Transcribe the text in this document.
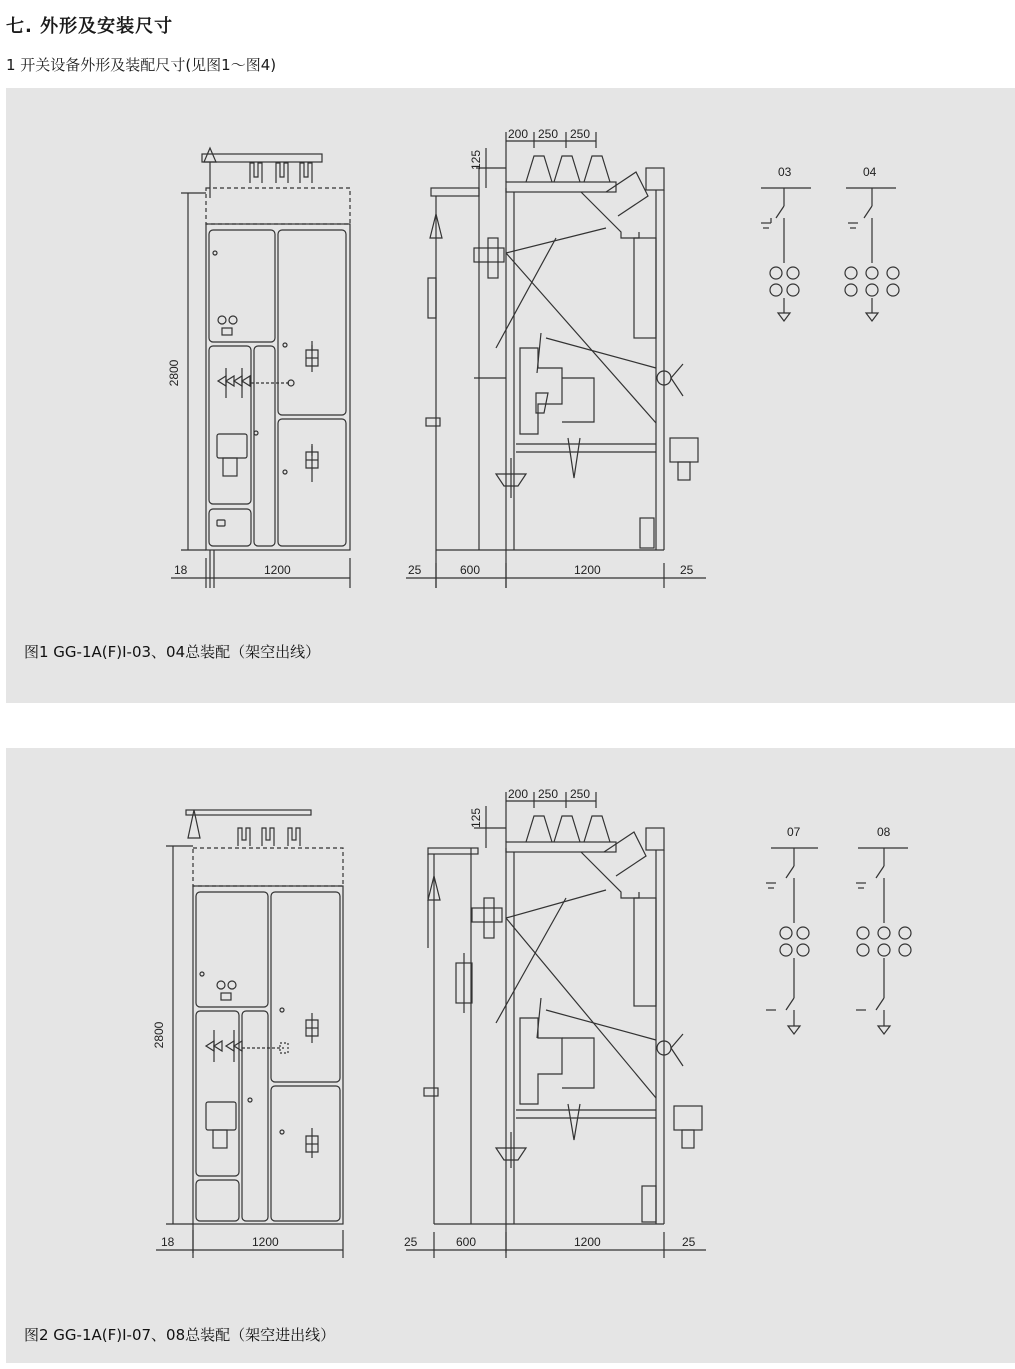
七. 外形及安装尺寸
1 开关设备外形及装配尺寸(见图1～图4)
2800
18	1200	25	600	1200	25
200 250 250
125
03	04
图1 GG-1A(F)I-03、04总装配（架空出线）
2800
18	1200	25	600	1200	25
200 250 250
125
07	08
图2 GG-1A(F)I-07、08总装配（架空进出线）
